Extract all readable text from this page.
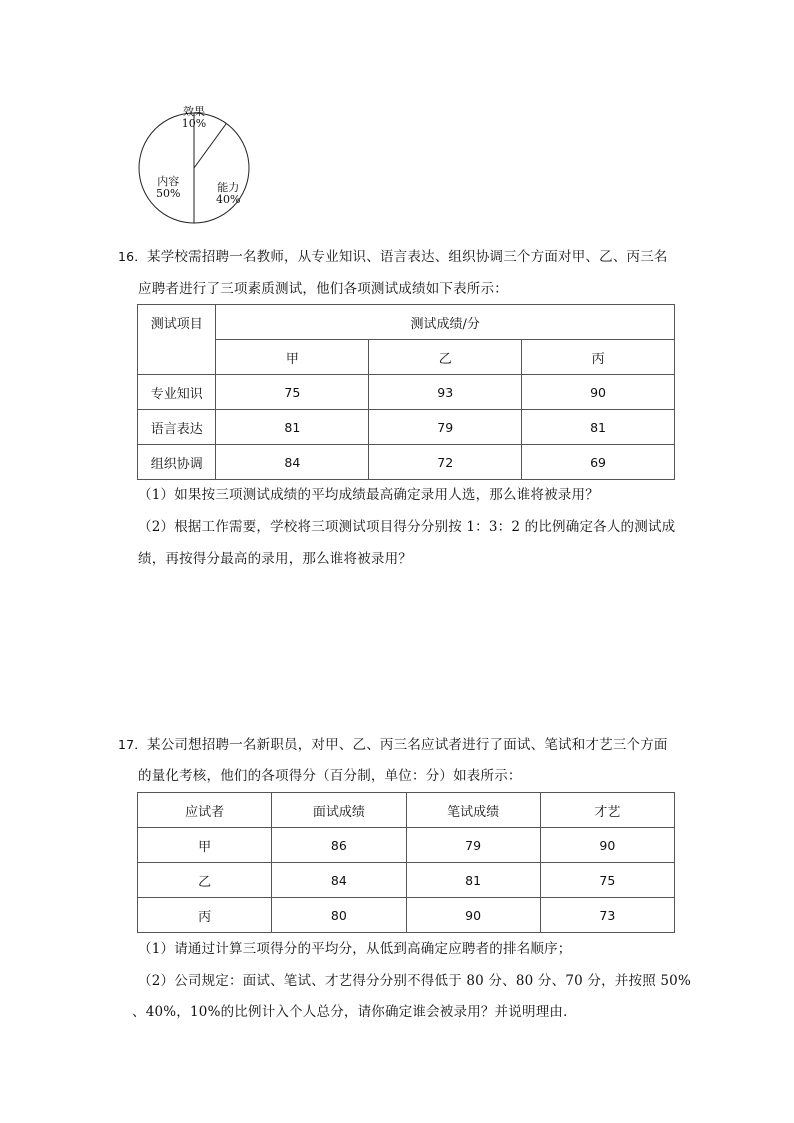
效果
10%
能力
40%
内容
50%
16．某学校需招聘一名教师，从专业知识、语言表达、组织协调三个方面对甲、乙、丙三名
应聘者进行了三项素质测试，他们各项测试成绩如下表所示：
测试项目	测试成绩/分		
	甲	乙	丙
专业知识	75	93	90
语言表达	81	79	81
组织协调	84	72	69
（1）如果按三项测试成绩的平均成绩最高确定录用人选，那么谁将被录用？
（2）根据工作需要，学校将三项测试项目得分分别按 1：3：2 的比例确定各人的测试成
绩，再按得分最高的录用，那么谁将被录用？
17．某公司想招聘一名新职员，对甲、乙、丙三名应试者进行了面试、笔试和才艺三个方面
的量化考核，他们的各项得分（百分制，单位：分）如表所示：
应试者	面试成绩	笔试成绩	才艺
甲	86	79	90
乙	84	81	75
丙	80	90	73
（1）请通过计算三项得分的平均分，从低到高确定应聘者的排名顺序；
（2）公司规定：面试、笔试、才艺得分分别不得低于 80 分、80 分、70 分，并按照 50%
、40%，10%的比例计入个人总分，请你确定谁会被录用？并说明理由．
